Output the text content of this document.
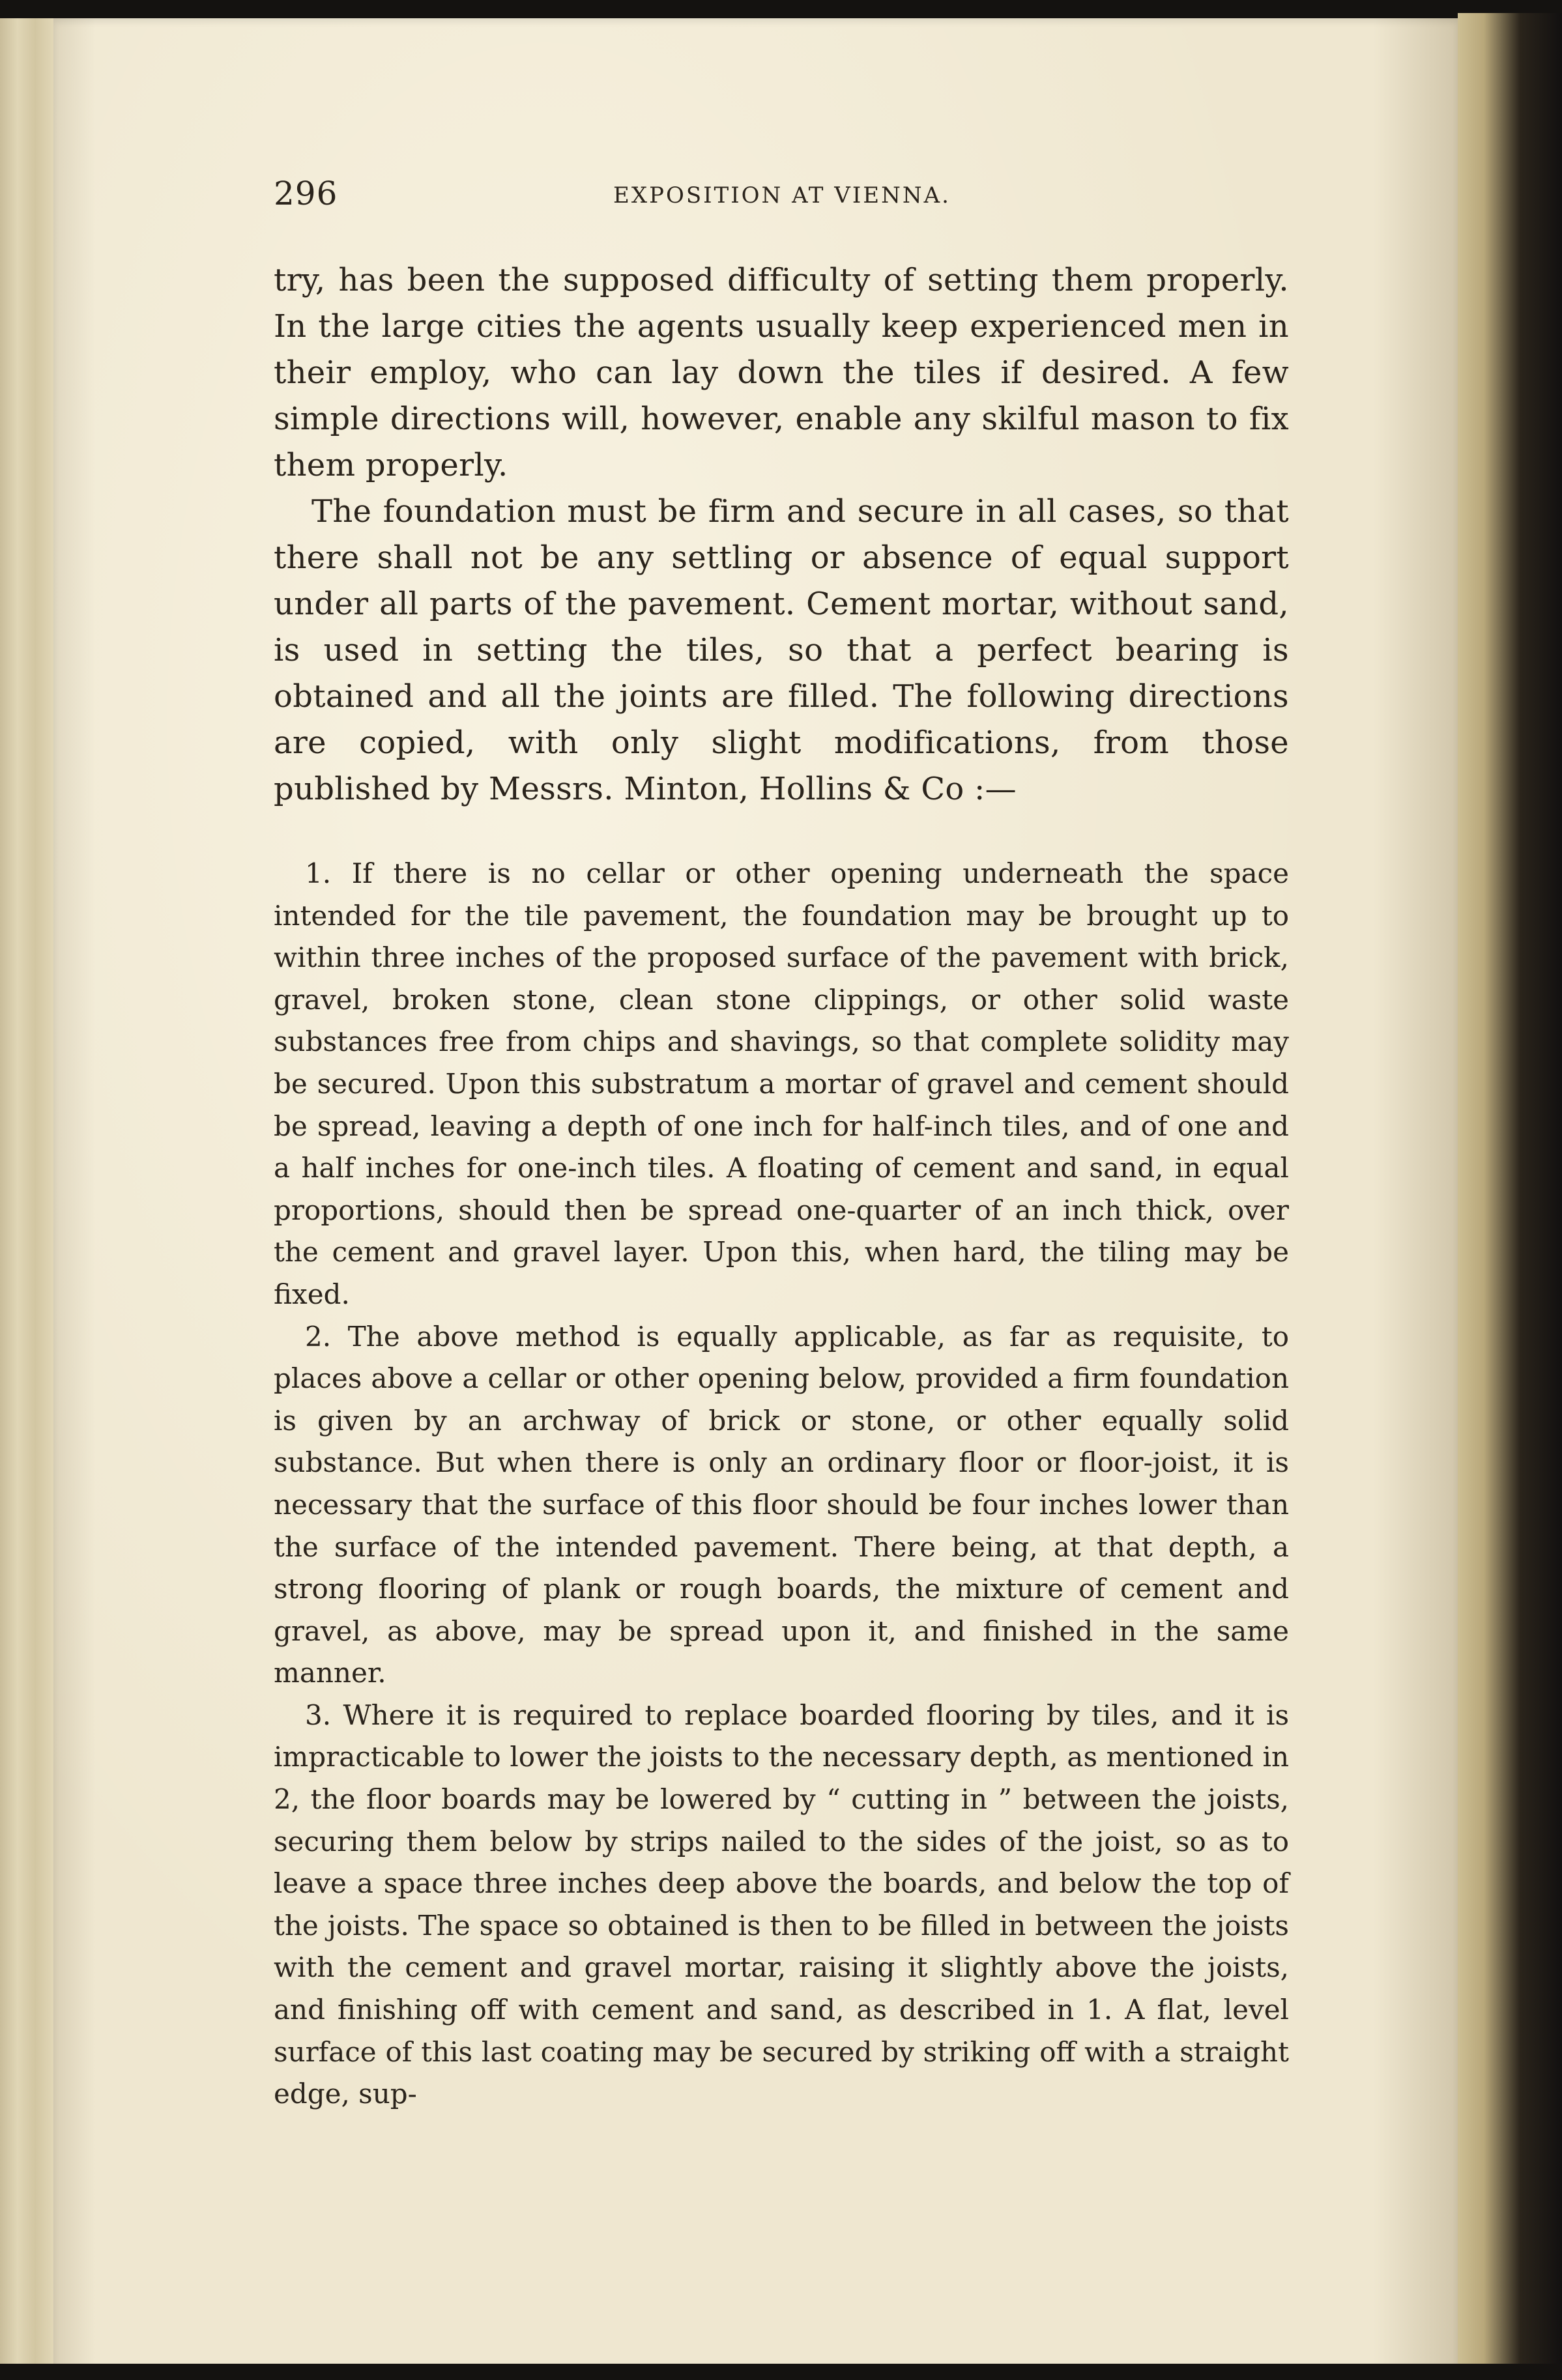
296	EXPOSITION AT VIENNA.

try, has been the supposed difficulty of setting them properly. In the large cities the agents usually keep experienced men in their employ, who can lay down the tiles if desired. A few simple directions will, however, enable any skilful mason to fix them properly.

The foundation must be firm and secure in all cases, so that there shall not be any settling or absence of equal support under all parts of the pavement. Cement mortar, without sand, is used in setting the tiles, so that a perfect bearing is obtained and all the joints are filled. The following directions are copied, with only slight modifications, from those published by Messrs. Minton, Hollins & Co :—

1. If there is no cellar or other opening underneath the space intended for the tile pavement, the foundation may be brought up to within three inches of the proposed surface of the pavement with brick, gravel, broken stone, clean stone clippings, or other solid waste substances free from chips and shavings, so that complete solidity may be secured. Upon this substratum a mortar of gravel and cement should be spread, leaving a depth of one inch for half-inch tiles, and of one and a half inches for one-inch tiles. A floating of cement and sand, in equal proportions, should then be spread one-quarter of an inch thick, over the cement and gravel layer. Upon this, when hard, the tiling may be fixed.

2. The above method is equally applicable, as far as requisite, to places above a cellar or other opening below, provided a firm foundation is given by an archway of brick or stone, or other equally solid substance. But when there is only an ordinary floor or floor-joist, it is necessary that the surface of this floor should be four inches lower than the surface of the intended pavement. There being, at that depth, a strong flooring of plank or rough boards, the mixture of cement and gravel, as above, may be spread upon it, and finished in the same manner.

3. Where it is required to replace boarded flooring by tiles, and it is impracticable to lower the joists to the necessary depth, as mentioned in 2, the floor boards may be lowered by “ cutting in ” between the joists, securing them below by strips nailed to the sides of the joist, so as to leave a space three inches deep above the boards, and below the top of the joists. The space so obtained is then to be filled in between the joists with the cement and gravel mortar, raising it slightly above the joists, and finishing off with cement and sand, as described in 1. A flat, level surface of this last coating may be secured by striking off with a straight edge, sup-
